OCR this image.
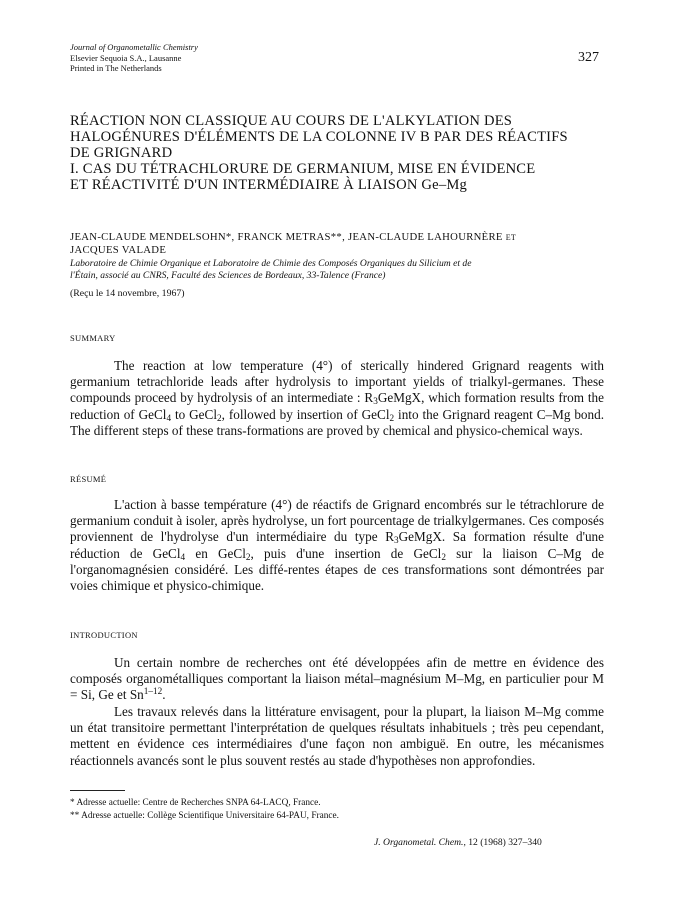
Journal of Organometallic Chemistry
Elsevier Sequoia S.A., Lausanne
Printed in The Netherlands
327
RÉACTION NON CLASSIQUE AU COURS DE L'ALKYLATION DES
HALOGÉNURES D'ÉLÉMENTS DE LA COLONNE IV B PAR DES RÉACTIFS
DE GRIGNARD
I. CAS DU TÉTRACHLORURE DE GERMANIUM, MISE EN ÉVIDENCE
ET RÉACTIVITÉ D'UN INTERMÉDIAIRE À LIAISON Ge–Mg
JEAN-CLAUDE MENDELSOHN*, FRANCK METRAS**, JEAN-CLAUDE LAHOURNÈRE ET
JACQUES VALADE
Laboratoire de Chimie Organique et Laboratoire de Chimie des Composés Organiques du Silicium et de
l'Étain, associé au CNRS, Faculté des Sciences de Bordeaux, 33-Talence (France)
(Reçu le 14 novembre, 1967)
SUMMARY
The reaction at low temperature (4°) of sterically hindered Grignard reagents with germanium tetrachloride leads after hydrolysis to important yields of trialkyl-germanes. These compounds proceed by hydrolysis of an intermediate : $R_3GeMgX$, which formation results from the reduction of GeCl$_4$ to GeCl$_2$, followed by insertion of GeCl$_2$ into the Grignard reagent C–Mg bond. The different steps of these trans-formations are proved by chemical and physico-chemical ways.
RÉSUMÉ
L'action à basse température (4°) de réactifs de Grignard encombrés sur le tétrachlorure de germanium conduit à isoler, après hydrolyse, un fort pourcentage de trialkylgermanes. Ces composés proviennent de l'hydrolyse d'un intermédiaire du type $R_3GeMgX$. Sa formation résulte d'une réduction de GeCl$_4$ en GeCl$_2$, puis d'une insertion de GeCl$_2$ sur la liaison C–Mg de l'organomagnésien considéré. Les diffé-rentes étapes de ces transformations sont démontrées par voies chimique et physico-chimique.
INTRODUCTION
Un certain nombre de recherches ont été développées afin de mettre en évidence des composés organométalliques comportant la liaison métal–magnésium M–Mg, en particulier pour M = Si, Ge et Sn$^{1-12}$.
Les travaux relevés dans la littérature envisagent, pour la plupart, la liaison M–Mg comme un état transitoire permettant l'interprétation de quelques résultats inhabituels ; très peu cependant, mettent en évidence ces intermédiaires d'une façon non ambiguë. En outre, les mécanismes réactionnels avancés sont le plus souvent restés au stade d'hypothèses non approfondies.
* Adresse actuelle: Centre de Recherches SNPA 64-LACQ, France.
** Adresse actuelle: Collège Scientifique Universitaire 64-PAU, France.
J. Organometal. Chem., 12 (1968) 327–340
